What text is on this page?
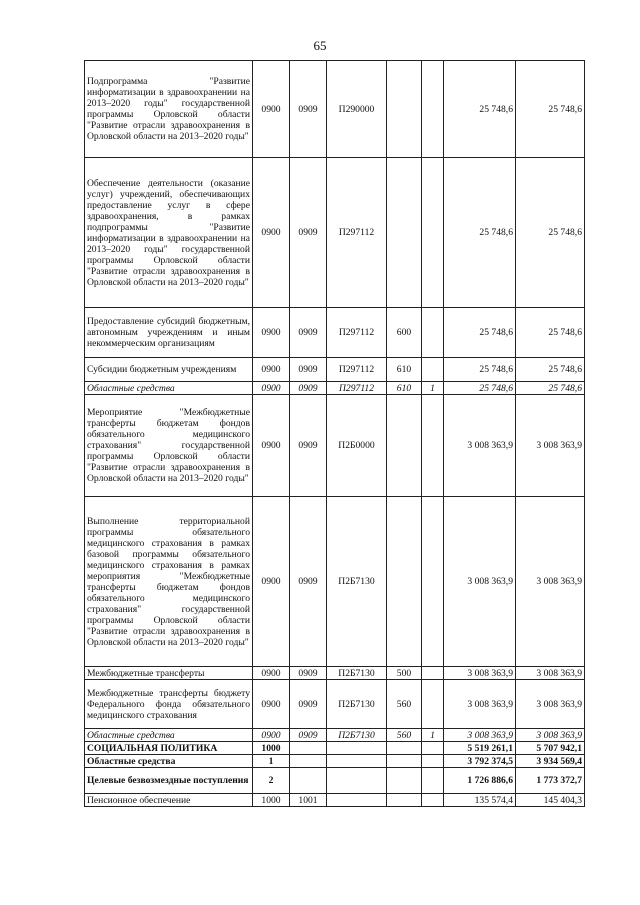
65
Подпрограмма "Развитие информатизации в здравоохранении на 2013–2020 годы" государственной программы Орловской области "Развитие отрасли здравоохранения в Орловской области на 2013–2020 годы"	0900	0909	П290000			25 748,6	25 748,6
Обеспечение деятельности (оказание услуг) учреждений, обеспечивающих предоставление услуг в сфере здравоохранения, в рамках подпрограммы "Развитие информатизации в здравоохранении на 2013–2020 годы" государственной программы Орловской области "Развитие отрасли здравоохранения в Орловской области на 2013–2020 годы"	0900	0909	П297112			25 748,6	25 748,6
Предоставление субсидий бюджетным, автономным учреждениям и иным некоммерческим организациям	0900	0909	П297112	600		25 748,6	25 748,6
Субсидии бюджетным учреждениям	0900	0909	П297112	610		25 748,6	25 748,6
Областные средства	0900	0909	П297112	610	1	25 748,6	25 748,6
Мероприятие "Межбюджетные трансферты бюджетам фондов обязательного медицинского страхования" государственной программы Орловской области "Развитие отрасли здравоохранения в Орловской области на 2013–2020 годы"	0900	0909	П2Б0000			3 008 363,9	3 008 363,9
Выполнение территориальной программы обязательного медицинского страхования в рамках базовой программы обязательного медицинского страхования в рамках мероприятия "Межбюджетные трансферты бюджетам фондов обязательного медицинского страхования" государственной программы Орловской области "Развитие отрасли здравоохранения в Орловской области на 2013–2020 годы"	0900	0909	П2Б7130			3 008 363,9	3 008 363,9
Межбюджетные трансферты	0900	0909	П2Б7130	500		3 008 363,9	3 008 363,9
Межбюджетные трансферты бюджету Федерального фонда обязательного медицинского страхования	0900	0909	П2Б7130	560		3 008 363,9	3 008 363,9
Областные средства	0900	0909	П2Б7130	560	1	3 008 363,9	3 008 363,9
СОЦИАЛЬНАЯ ПОЛИТИКА	1000					5 519 261,1	5 707 942,1
Областные средства	1					3 792 374,5	3 934 569,4
Целевые безвозмездные поступления	2					1 726 886,6	1 773 372,7
Пенсионное обеспечение	1000	1001				135 574,4	145 404,3
